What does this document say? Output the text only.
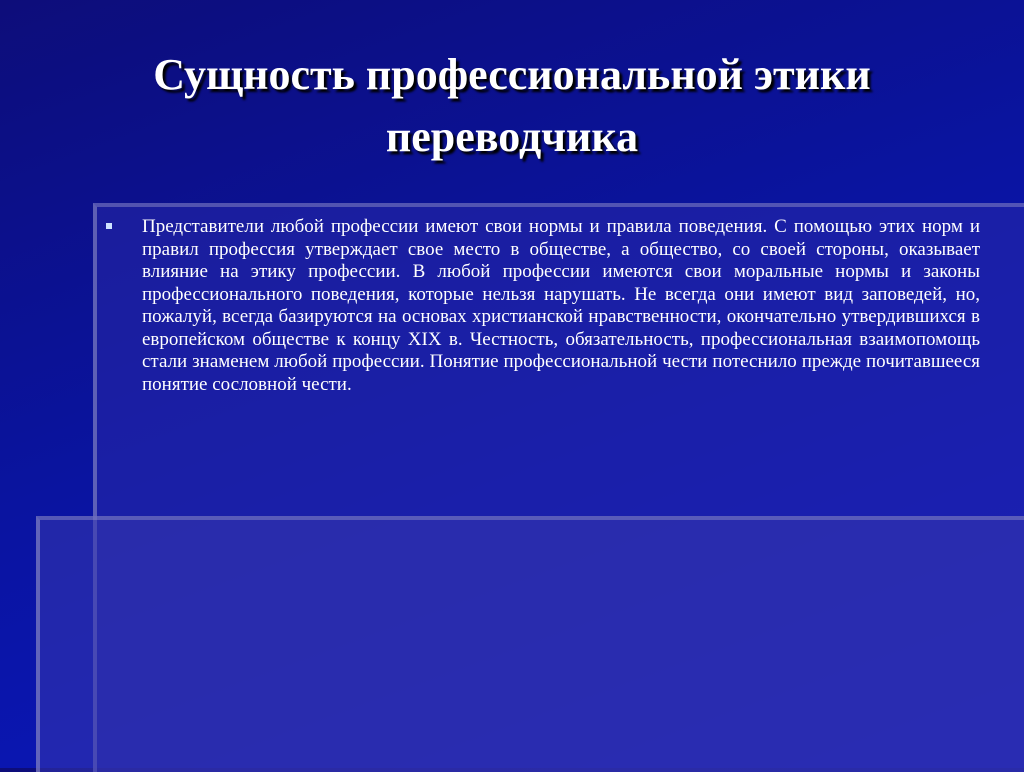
Сущность профессиональной этики
переводчика

Представители любой профессии имеют свои нормы и правила поведения. С помощью этих норм и правил профессия утверждает свое место в обществе, а общество, со своей стороны, оказывает влияние на этику профессии. В любой профессии имеются свои моральные нормы и законы профессионального поведения, которые нельзя нарушать. Не всегда они имеют вид заповедей, но, пожалуй, всегда базируются на основах христианской нравственности, окончательно утвердившихся в европейском обществе к концу XIX в. Честность, обязательность, профессиональная взаимопомощь стали знаменем любой профессии. Понятие профессиональной чести потеснило прежде почитавшееся понятие сословной чести.
